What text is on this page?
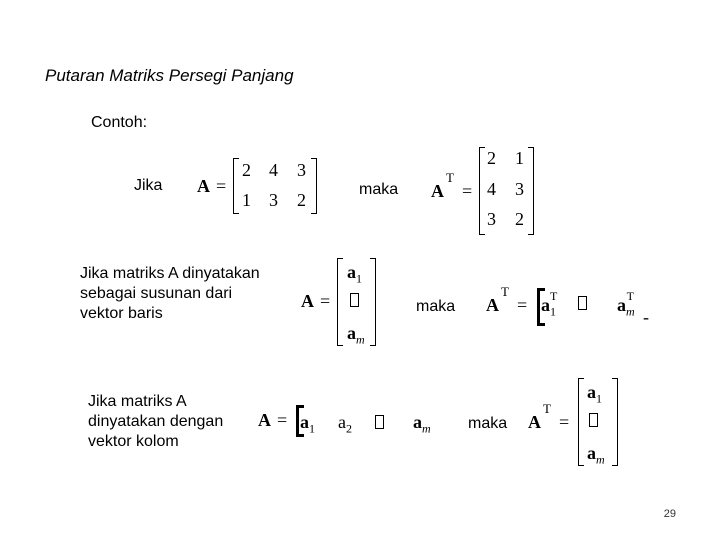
Putaran Matriks Persegi Panjang
Contoh:
Jika A =
2 4 3
1 3 2
maka A
T
=
2 1
4 3
3 2
Jika matriks A dinyatakan
sebagai susunan dari
vektor baris
A =
$a_1$
$a_m$
maka A
T
= $a_1^T$	$a_m^T$
-
Jika matriks A
dinyatakan dengan
vektor kolom
$A = a_1$ $a_2$	$a_m$ maka A
T
=
$a_1$
$a_m$
29
